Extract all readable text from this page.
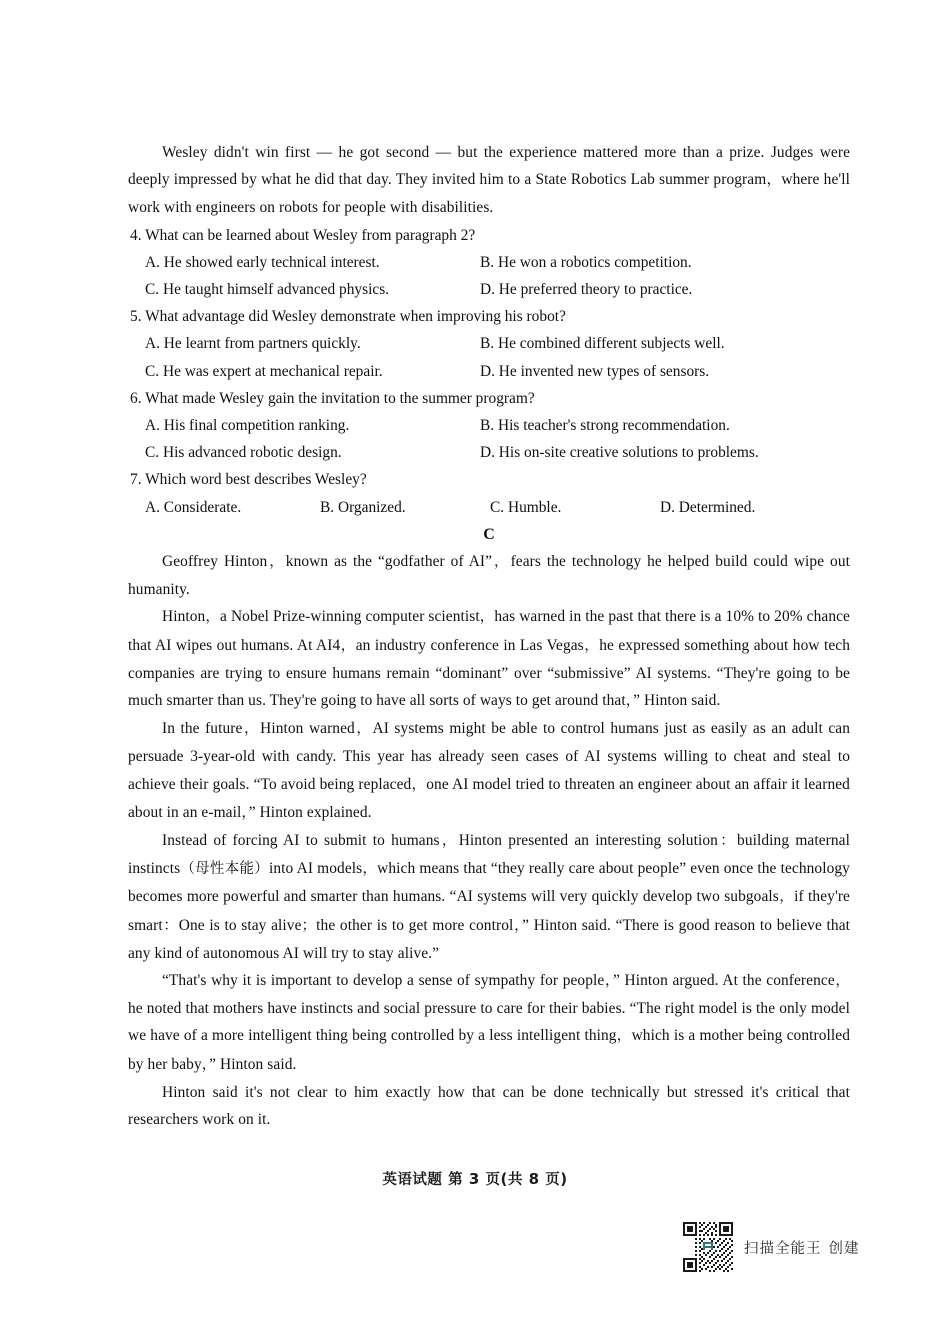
Wesley didn't win first — he got second — but the experience mattered more than a prize. Judges were deeply impressed by what he did that day. They invited him to a State Robotics Lab summer program，where he'll work with engineers on robots for people with disabilities.

4. What can be learned about Wesley from paragraph 2?
A. He showed early technical interest.	B. He won a robotics competition.
C. He taught himself advanced physics.	D. He preferred theory to practice.
5. What advantage did Wesley demonstrate when improving his robot?
A. He learnt from partners quickly.	B. He combined different subjects well.
C. He was expert at mechanical repair.	D. He invented new types of sensors.
6. What made Wesley gain the invitation to the summer program?
A. His final competition ranking.	B. His teacher's strong recommendation.
C. His advanced robotic design.	D. His on-site creative solutions to problems.
7. Which word best describes Wesley?
A. Considerate.	B. Organized.	C. Humble.	D. Determined.
C

Geoffrey Hinton，known as the “godfather of AI”，fears the technology he helped build could wipe out humanity.

Hinton，a Nobel Prize-winning computer scientist，has warned in the past that there is a 10% to 20% chance that AI wipes out humans. At AI4，an industry conference in Las Vegas，he expressed something about how tech companies are trying to ensure humans remain “dominant” over “submissive” AI systems. “They're going to be much smarter than us. They're going to have all sorts of ways to get around that，” Hinton said.

In the future，Hinton warned，AI systems might be able to control humans just as easily as an adult can persuade 3-year-old with candy. This year has already seen cases of AI systems willing to cheat and steal to achieve their goals. “To avoid being replaced，one AI model tried to threaten an engineer about an affair it learned about in an e-mail，” Hinton explained.

Instead of forcing AI to submit to humans，Hinton presented an interesting solution：building maternal instincts（母性本能）into AI models，which means that “they really care about people” even once the technology becomes more powerful and smarter than humans. “AI systems will very quickly develop two subgoals，if they're smart：One is to stay alive；the other is to get more control，” Hinton said. “There is good reason to believe that any kind of autonomous AI will try to stay alive.”

“That's why it is important to develop a sense of sympathy for people，” Hinton argued. At the conference，he noted that mothers have instincts and social pressure to care for their babies. “The right model is the only model we have of a more intelligent thing being controlled by a less intelligent thing，which is a mother being controlled by her baby，” Hinton said.

Hinton said it's not clear to him exactly how that can be done technically but stressed it's critical that researchers work on it.

英语试题 第 3 页(共 8 页)
扫描全能王 创建
